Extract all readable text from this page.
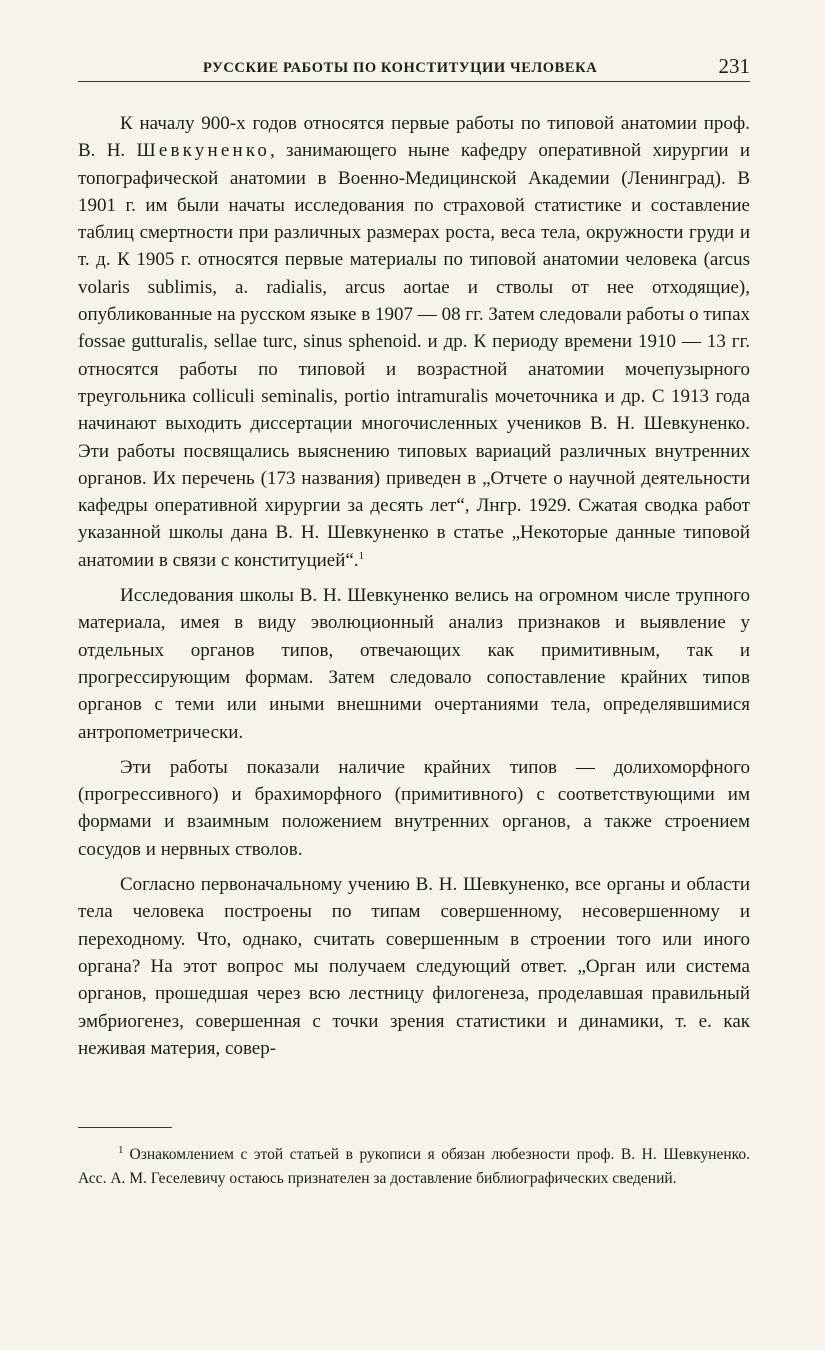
РУССКИЕ РАБОТЫ ПО КОНСТИТУЦИИ ЧЕЛОВЕКА	231

К началу 900-х годов относятся первые работы по типовой анатомии проф. В. Н. Шевкуненко, занимающего ныне кафедру оперативной хирургии и топографической анатомии в Военно-Медицинской Академии (Ленинград). В 1901 г. им были начаты исследования по страховой статистике и составление таблиц смертности при различных размерах роста, веса тела, окружности груди и т. д. К 1905 г. относятся первые материалы по типовой анатомии человека (arcus volaris sublimis, a. radialis, arcus aortae и стволы от нее отходящие), опубликованные на русском языке в 1907 — 08 гг. Затем следовали работы о типах fossae gutturalis, sellae turc, sinus sphenoid. и др. К периоду времени 1910 — 13 гг. относятся работы по типовой и возрастной анатомии мочепузырного треугольника colliculi seminalis, portio intramuralis мочеточника и др. С 1913 года начинают выходить диссертации многочисленных учеников В. Н. Шевкуненко. Эти работы посвящались выяснению типовых вариаций различных внутренних органов. Их перечень (173 названия) приведен в „Отчете о научной деятельности кафедры оперативной хирургии за десять лет“, Лнгр. 1929. Сжатая сводка работ указанной школы дана В. Н. Шевкуненко в статье „Некоторые данные типовой анатомии в связи с конституцией“.$^1$

Исследования школы В. Н. Шевкуненко велись на огромном числе трупного материала, имея в виду эволюционный анализ признаков и выявление у отдельных органов типов, отвечающих как примитивным, так и прогрессирующим формам. Затем следовало сопоставление крайних типов органов с теми или иными внешними очертаниями тела, определявшимися антропометрически.

Эти работы показали наличие крайних типов — долихоморфного (прогрессивного) и брахиморфного (примитивного) с соответствующими им формами и взаимным положением внутренних органов, а также строением сосудов и нервных стволов.

Согласно первоначальному учению В. Н. Шевкуненко, все органы и области тела человека построены по типам совершенному, несовершенному и переходному. Что, однако, считать совершенным в строении того или иного органа? На этот вопрос мы получаем следующий ответ. „Орган или система органов, прошедшая через всю лестницу филогенеза, проделавшая правильный эмбриогенез, совершенная с точки зрения статистики и динамики, т. е. как неживая материя, совер-

$^1$ Ознакомлением с этой статьей в рукописи я обязан любезности проф. В. Н. Шевкуненко. Асс. А. М. Геселевичу остаюсь признателен за доставление библиографических сведений.
